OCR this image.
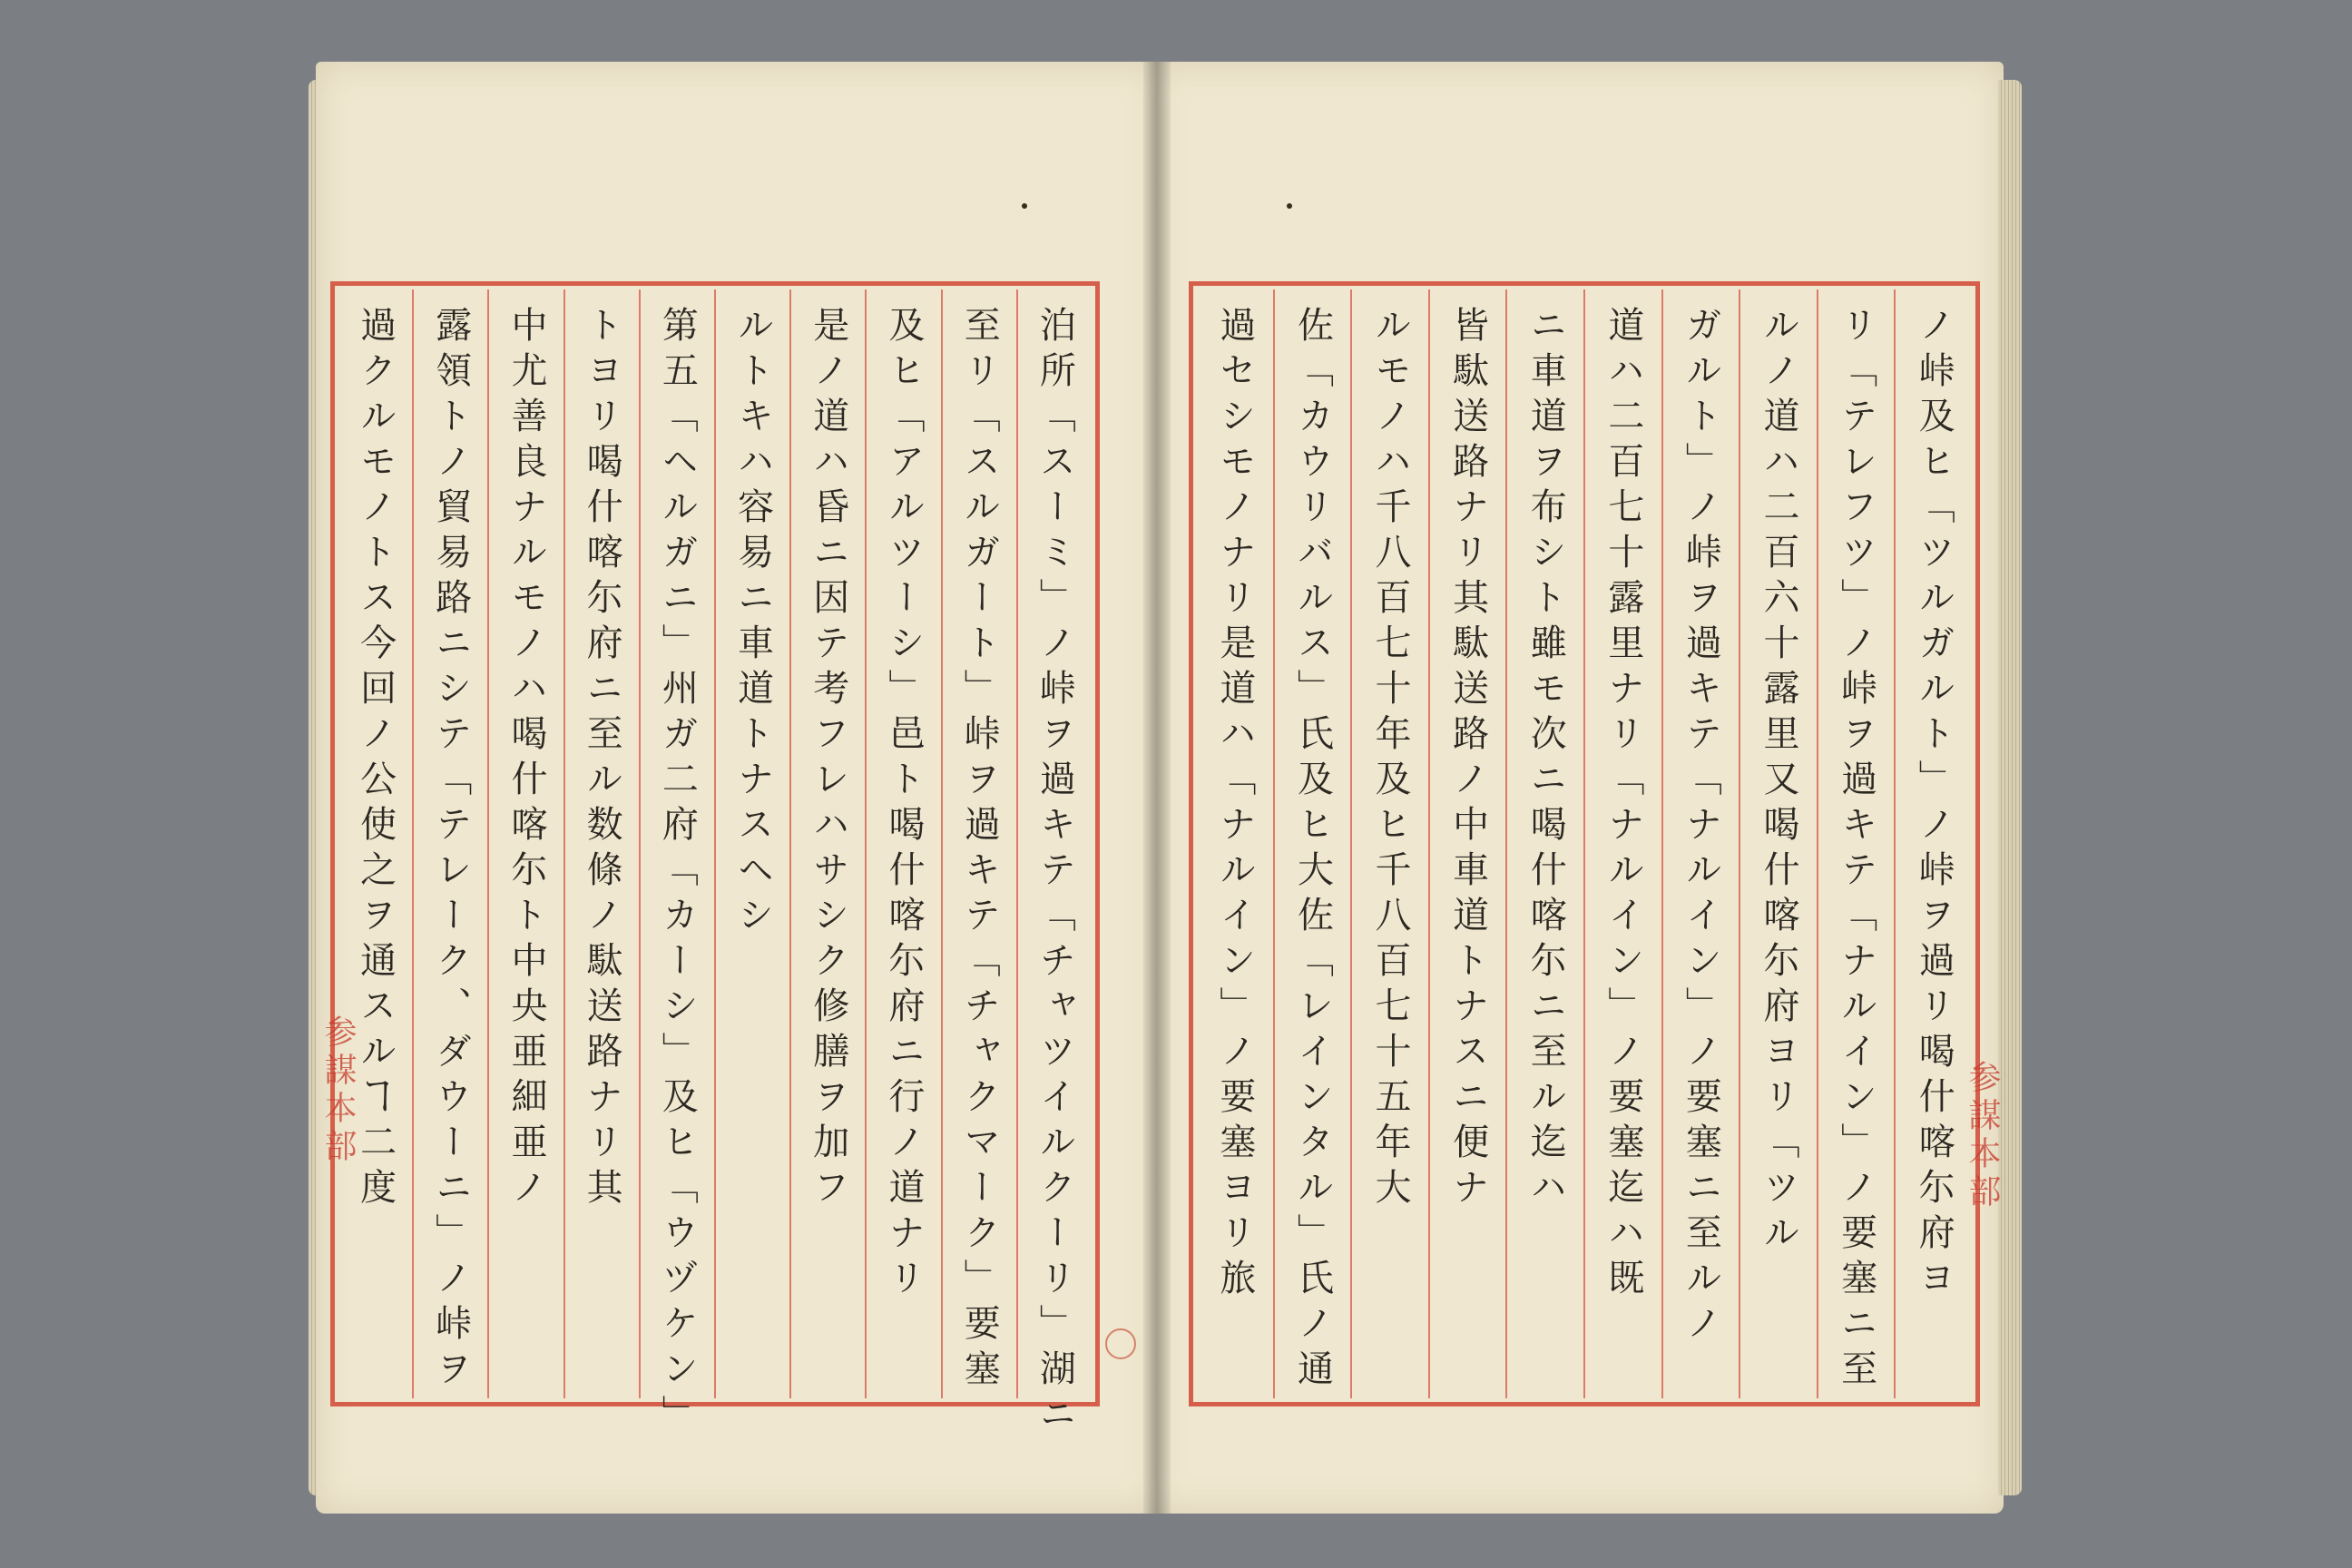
泊所「スーミ」ノ峠ヲ過キテ「チャツイルクーリ」湖ニ
至リ「スルガート」峠ヲ過キテ「チャクマーク」要塞
及ヒ「アルツーシ」邑ト喝什喀尓府ニ行ノ道ナリ
是ノ道ハ昏ニ因テ考フレハサシク修膳ヲ加フ
ルトキハ容易ニ車道トナスヘシ
第五「ヘルガニ」州ガ二府「カーシ」及ヒ「ウヅケン」
トヨリ喝什喀尓府ニ至ル数條ノ駄送路ナリ其
中尤善良ナルモノハ喝什喀尓ト中央亜細亜ノ
露領トノ貿易路ニシテ「テレーク、ダウーニ」ノ峠ヲ
過クルモノトス今回ノ公使之ヲ通スルヿ二度	ノ峠及ヒ「ツルガルト」ノ峠ヲ過リ喝什喀尓府ヨ
リ「テレフツ」ノ峠ヲ過キテ「ナルイン」ノ要塞ニ至
ルノ道ハ二百六十露里又喝什喀尓府ヨリ「ツル
ガルト」ノ峠ヲ過キテ「ナルイン」ノ要塞ニ至ルノ
道ハ二百七十露里ナリ「ナルイン」ノ要塞迄ハ既
ニ車道ヲ布シト雖モ次ニ喝什喀尓ニ至ル迄ハ
皆駄送路ナリ其駄送路ノ中車道トナスニ便ナ
ルモノハ千八百七十年及ヒ千八百七十五年大
佐「カウリバルス」氏及ヒ大佐「レインタル」氏ノ通
過セシモノナリ是道ハ「ナルイン」ノ要塞ヨリ旅
参謀本部	参謀本部
